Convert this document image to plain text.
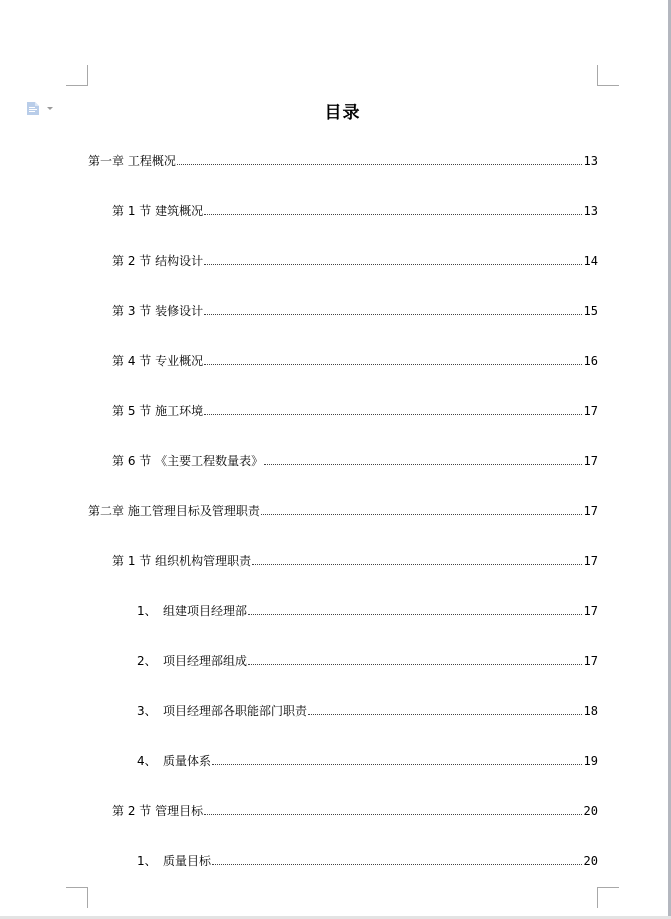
目录
第一章 工程概况	13
第 1 节 建筑概况	13
第 2 节 结构设计	14
第 3 节 装修设计	15
第 4 节 专业概况	16
第 5 节 施工环境	17
第 6 节 《主要工程数量表》	17
第二章 施工管理目标及管理职责	17
第 1 节 组织机构管理职责	17
1、 组建项目经理部	17
2、 项目经理部组成	17
3、 项目经理部各职能部门职责	18
4、 质量体系	19
第 2 节 管理目标	20
1、 质量目标	20
